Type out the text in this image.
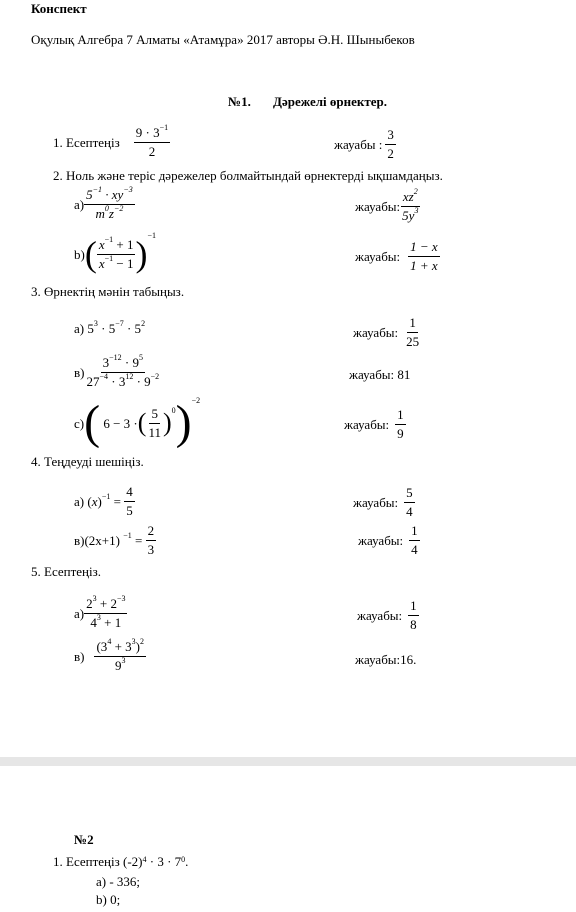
Конспект
Оқулық Алгебра 7 Алматы «Атамұра» 2017 авторы Ә.Н. Шыныбеков
№1. Дәрежелі өрнектер.
1. Есептеңіз $\frac{9 \cdot 3^{-1}}{2}$	жауабы : $\frac{3}{2}$
2. Ноль және теріс дәрежелер болмайтындай өрнектерді ықшамдаңыз.
$a) \frac{5^{-1} \cdot xy^{-3}}{m^0z^{-2}}$	жауабы: $\frac{xz^2}{5y^3}$
b) ( $\frac{x^{-1} + 1}{x^{-1} - 1} )^{-1}$
жауабы: $\frac{1 - x}{1 + x}$
3. Өрнектің мәнін табыңыз.
a) $5^3 \cdot 5^{-7} \cdot 5^2$
жауабы: $\frac{1}{25}$
$в) \frac{3^{-12} \cdot 9^5}{27^{-4} \cdot 3^{12} \cdot 9^{-2}}$	жауабы: 81
c) ( 6 − 3 · ( $\frac{5}{11} )^0$ )$^{-2}$
жауабы: $\frac{1}{9}$
4. Теңдеуді шешіңіз.
a) $(x)^{-1} = \frac{4}{5}$	жауабы: $\frac{5}{4}$
в)(2x+1) $^{-1} = \frac{2}{3}$	жауабы: $\frac{1}{4}$
5. Есептеңіз.
$a) \frac{2^3 + 2^{-3}}{4^3 + 1}$	жауабы: $\frac{1}{8}$
$в) \frac{(3^4 + 3^3)^2}{9^3}$	жауабы:16.
№2
1. Есептеңіз $(-2)^4$
· $3 \cdot 7^0$ .
a) - 336;
b) 0;
